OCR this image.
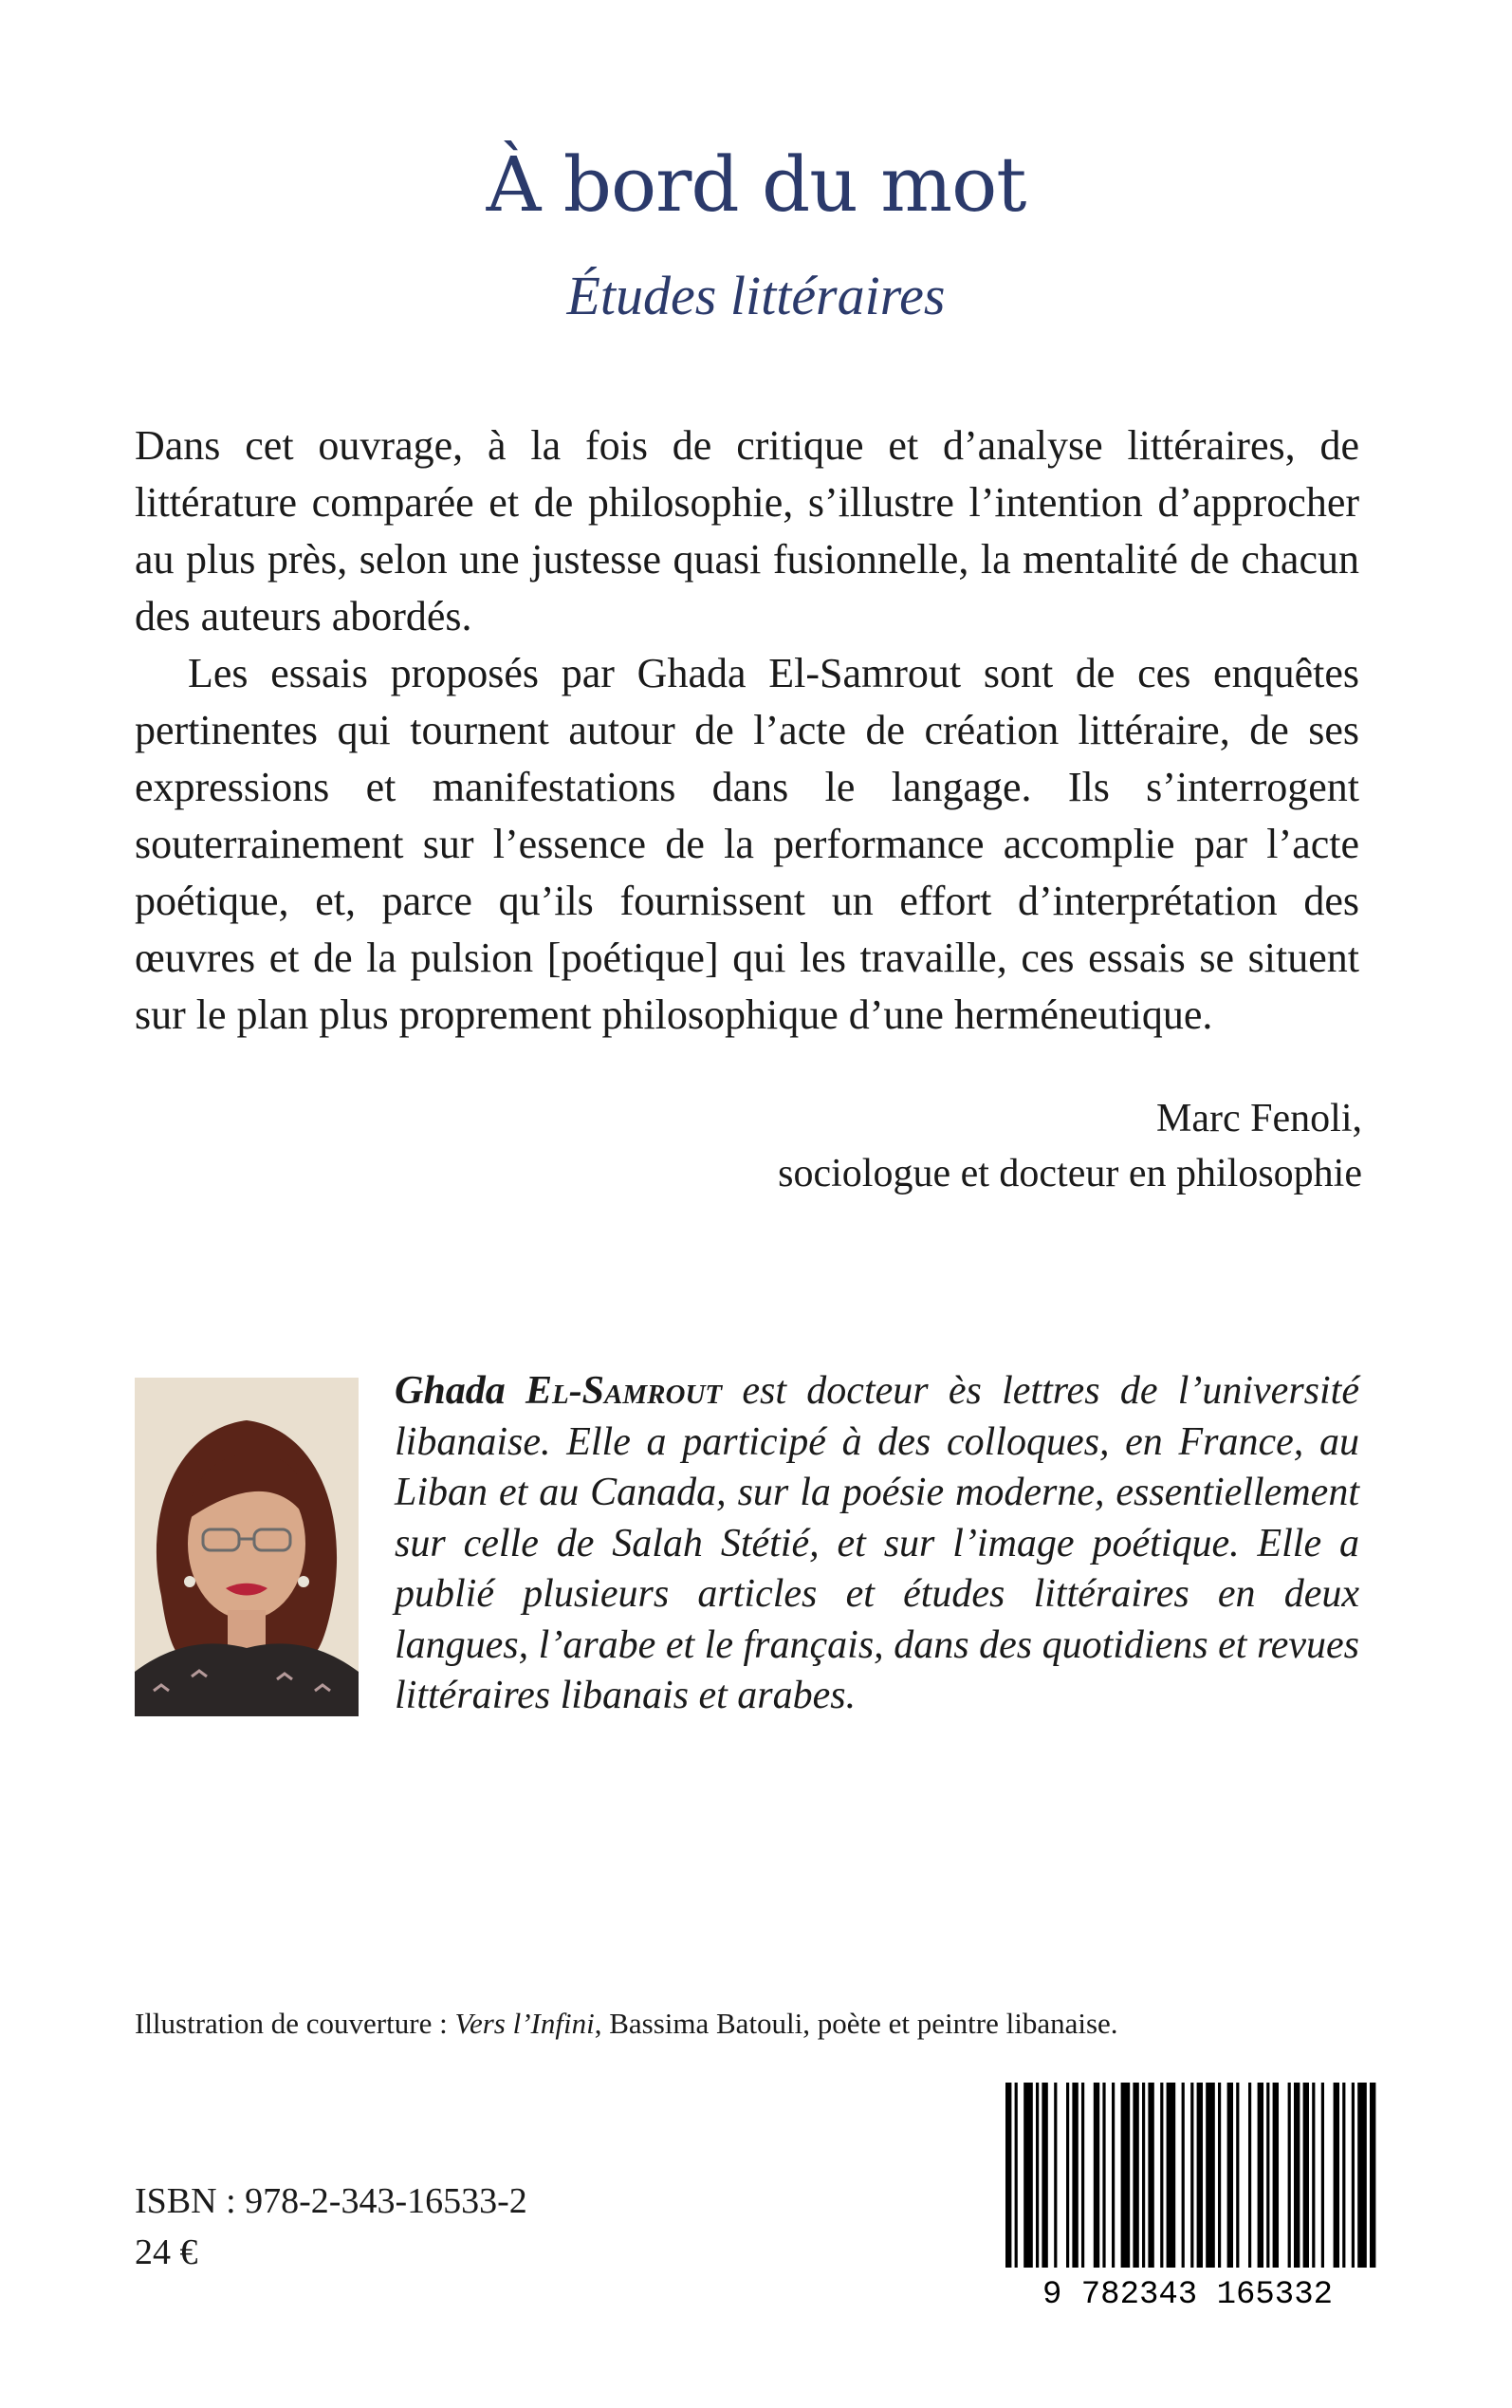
À bord du mot
Études littéraires

Dans cet ouvrage, à la fois de critique et d’analyse littéraires, de littérature comparée et de philosophie, s’illustre l’intention d’approcher au plus près, selon une justesse quasi fusionnelle, la mentalité de chacun des auteurs abordés.

Les essais proposés par Ghada El-Samrout sont de ces enquêtes pertinentes qui tournent autour de l’acte de création littéraire, de ses expressions et manifestations dans le langage. Ils s’interrogent souterrainement sur l’essence de la performance accomplie par l’acte poétique, et, parce qu’ils fournissent un effort d’interprétation des œuvres et de la pulsion [poétique] qui les travaille, ces essais se situent sur le plan plus proprement philosophique d’une herméneutique.

Marc Fenoli,
sociologue et docteur en philosophie
Ghada El-Samrout est docteur ès lettres de l’université libanaise. Elle a participé à des colloques, en France, au Liban et au Canada, sur la poésie moderne, essentiellement sur celle de Salah Stétié, et sur l’image poétique. Elle a publié plusieurs articles et études littéraires en deux langues, l’arabe et le français, dans des quotidiens et revues littéraires libanais et arabes.
Illustration de couverture : Vers l’Infini, Bassima Batouli, poète et peintre libanaise.
ISBN : 978-2-343-16533-2
24 €
9 782343 165332
